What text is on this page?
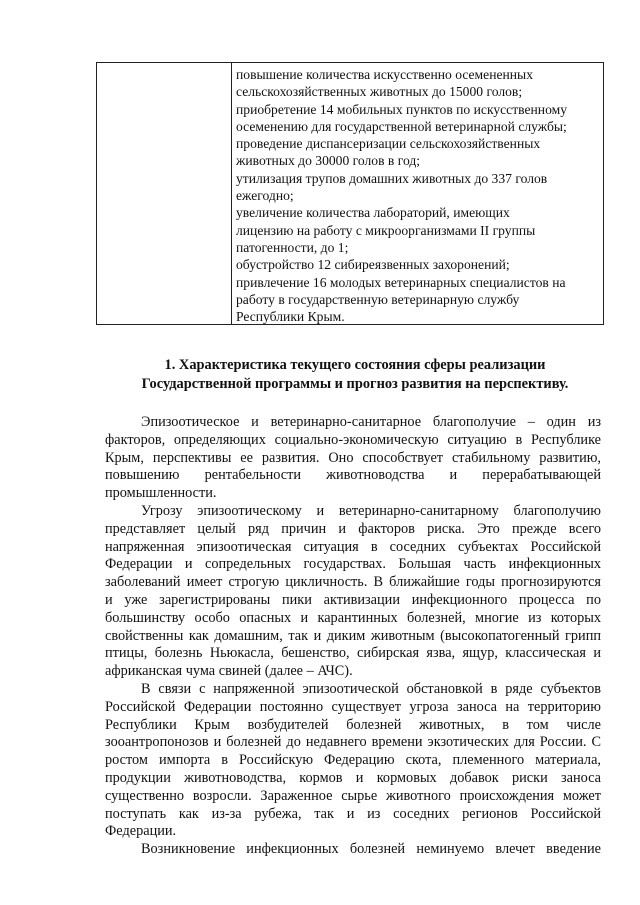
повышение количества искусственно осемененных
сельскохозяйственных животных до 15000 голов;
приобретение 14 мобильных пунктов по искусственному
осеменению для государственной ветеринарной службы;
проведение диспансеризации сельскохозяйственных
животных до 30000 голов в год;
утилизация трупов домашних животных до 337 голов
ежегодно;
увеличение количества лабораторий, имеющих
лицензию на работу с микроорганизмами II группы
патогенности, до 1;
обустройство 12 сибиреязвенных захоронений;
привлечение 16 молодых ветеринарных специалистов на
работу в государственную ветеринарную службу
Республики Крым.
1. Характеристика текущего состояния сферы реализации
Государственной программы и прогноз развития на перспективу.
Эпизоотическое и ветеринарно-санитарное благополучие – один из
факторов, определяющих социально-экономическую ситуацию в Республике
Крым, перспективы ее развития. Оно способствует стабильному развитию,
повышению рентабельности животноводства и перерабатывающей
промышленности.
Угрозу эпизоотическому и ветеринарно-санитарному благополучию
представляет целый ряд причин и факторов риска. Это прежде всего
напряженная эпизоотическая ситуация в соседних субъектах Российской
Федерации и сопредельных государствах. Большая часть инфекционных
заболеваний имеет строгую цикличность. В ближайшие годы прогнозируются
и уже зарегистрированы пики активизации инфекционного процесса по
большинству особо опасных и карантинных болезней, многие из которых
свойственны как домашним, так и диким животным (высокопатогенный грипп
птицы, болезнь Ньюкасла, бешенство, сибирская язва, ящур, классическая и
африканская чума свиней (далее – АЧС).
В связи с напряженной эпизоотической обстановкой в ряде субъектов
Российской Федерации постоянно существует угроза заноса на территорию
Республики Крым возбудителей болезней животных, в том числе
зооантропонозов и болезней до недавнего времени экзотических для России. С
ростом импорта в Российскую Федерацию скота, племенного материала,
продукции животноводства, кормов и кормовых добавок риски заноса
существенно возросли. Зараженное сырье животного происхождения может
поступать как из-за рубежа, так и из соседних регионов Российской
Федерации.
Возникновение инфекционных болезней неминуемо влечет введение
